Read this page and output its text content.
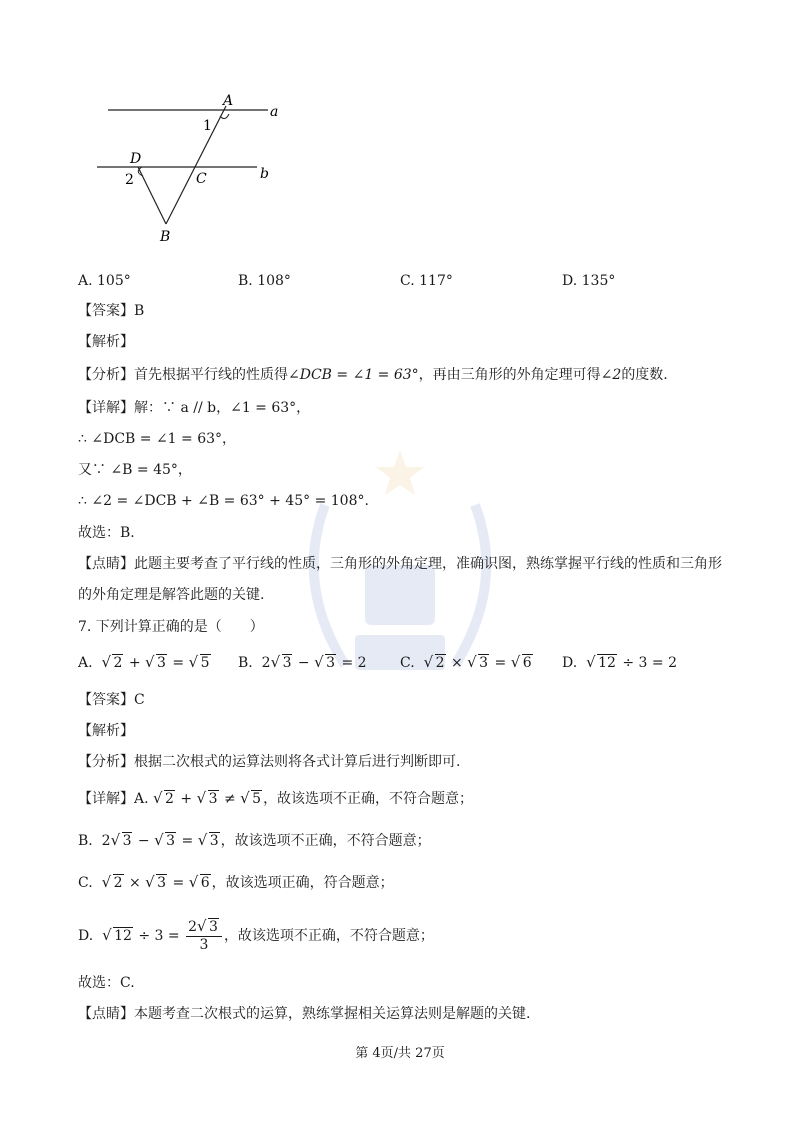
A
a
1
D
C	b
2
B
A. 105°	B. 108°	C. 117°	D. 135°
【答案】B
【解析】
【分析】首先根据平行线的性质得∠DCB = ∠1 = 63°，再由三角形的外角定理可得∠2的度数.
【详解】解：∵ a // b，∠1 = 63°，
∴ ∠DCB = ∠1 = 63°，
又∵ ∠B = 45°，
∴ ∠2 = ∠DCB + ∠B = 63° + 45° = 108°.
故选：B.
【点睛】此题主要考查了平行线的性质，三角形的外角定理，准确识图，熟练掌握平行线的性质和三角形
的外角定理是解答此题的关键.
7. 下列计算正确的是（　　）
A. √ 2 + √ 3 = √ 5 B.  2 √ 3 − √ 3 = 2 C. √ 2 × √ 3 = √ 6 D. √ 12 ÷ 3 = 2
【答案】C
【解析】
【分析】根据二次根式的运算法则将各式计算后进行判断即可.
【详解】A. √ 2 + √ 3 ≠ √ 5 ，故该选项不正确，不符合题意；
B.  2 √ 3 − √ 3 = √ 3 ，故该选项不正确，不符合题意；
C. √ 2 × √ 3 = √ 6 ，故该选项正确，符合题意；
D. √ $12 \div 3 = \frac{2 √ 3}{3}$ ，故该选项不正确，不符合题意；
故选：C.
【点睛】本题考查二次根式的运算，熟练掌握相关运算法则是解题的关键.
第 4页/共 27页
